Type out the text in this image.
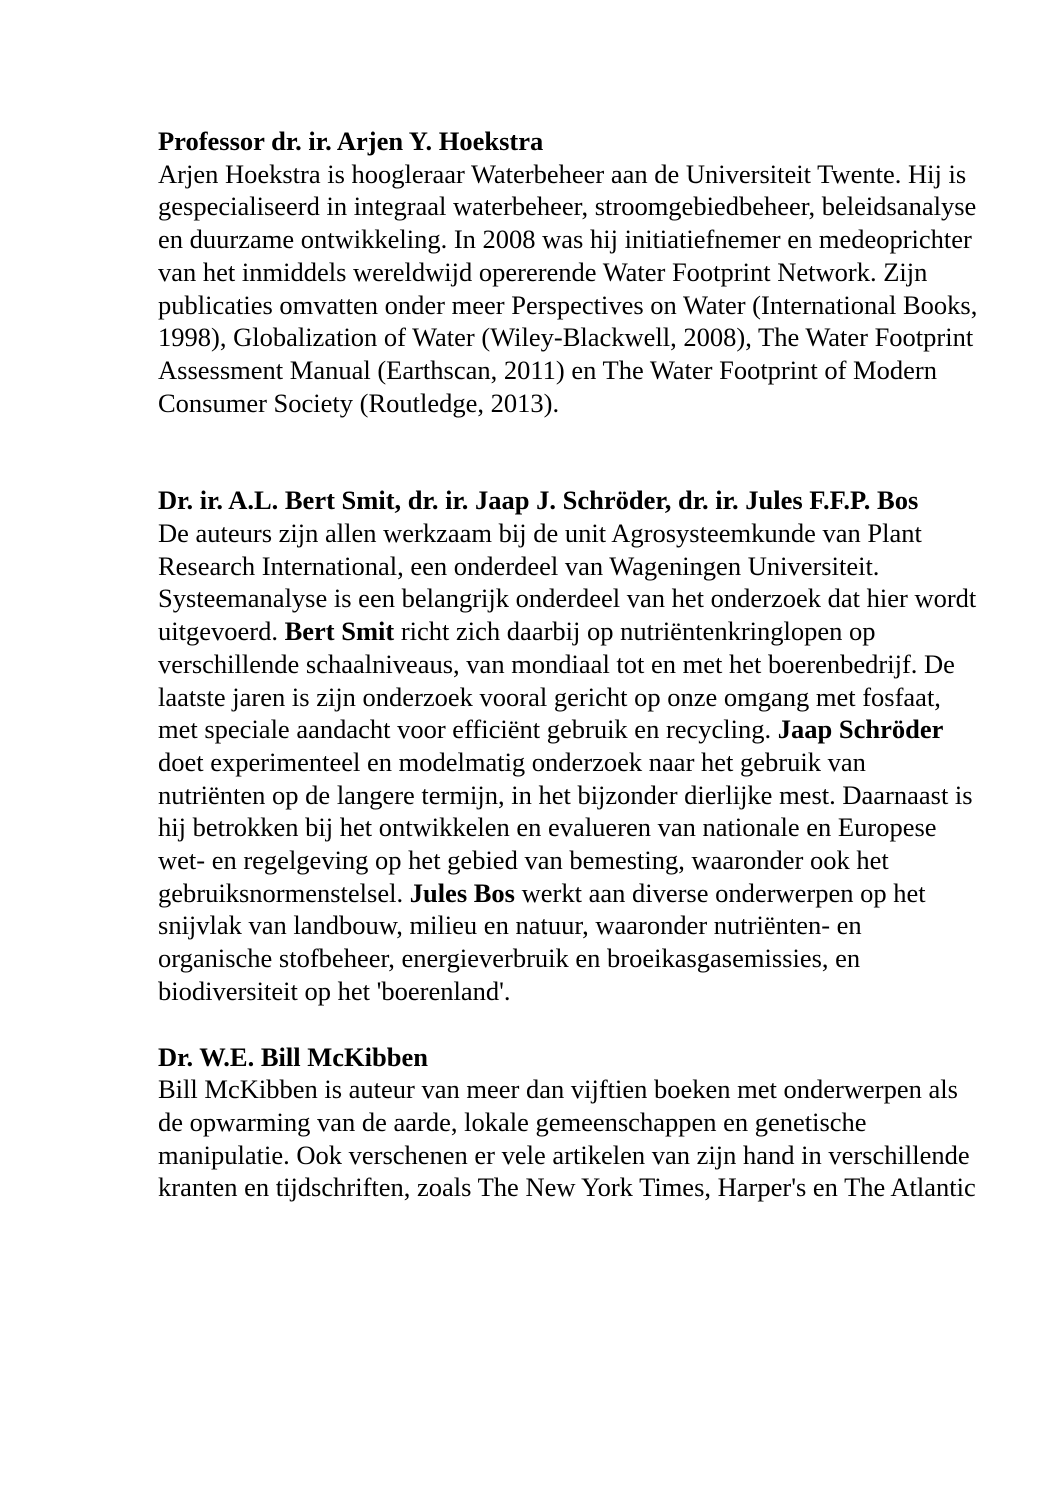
Professor dr. ir. Arjen Y. Hoekstra

Arjen Hoekstra is hoogleraar Waterbeheer aan de Universiteit Twente. Hij is gespecialiseerd in integraal waterbeheer, stroomgebiedbeheer, beleidsanalyse en duurzame ontwikkeling. In 2008 was hij initiatiefnemer en medeoprichter van het inmiddels wereldwijd opererende Water Footprint Network. Zijn publicaties omvatten onder meer Perspectives on Water (International Books, 1998), Globalization of Water (Wiley-Blackwell, 2008), The Water Footprint Assessment Manual (Earthscan, 2011) en The Water Footprint of Modern Consumer Society (Routledge, 2013).

Dr. ir. A.L. Bert Smit, dr. ir. Jaap J. Schröder, dr. ir. Jules F.F.P. Bos

De auteurs zijn allen werkzaam bij de unit Agrosysteemkunde van Plant Research International, een onderdeel van Wageningen Universiteit. Systeemanalyse is een belangrijk onderdeel van het onderzoek dat hier wordt uitgevoerd. Bert Smit richt zich daarbij op nutriëntenkringlopen op verschillende schaalniveaus, van mondiaal tot en met het boerenbedrijf. De laatste jaren is zijn onderzoek vooral gericht op onze omgang met fosfaat, met speciale aandacht voor efficiënt gebruik en recycling. Jaap Schröder doet experimenteel en modelmatig onderzoek naar het gebruik van nutriënten op de langere termijn, in het bijzonder dierlijke mest. Daarnaast is hij betrokken bij het ontwikkelen en evalueren van nationale en Europese wet- en regelgeving op het gebied van bemesting, waaronder ook het gebruiksnormenstelsel. Jules Bos werkt aan diverse onderwerpen op het snijvlak van landbouw, milieu en natuur, waaronder nutriënten- en organische stofbeheer, energieverbruik en broeikasgasemissies, en biodiversiteit op het 'boerenland'.

Dr. W.E. Bill McKibben

Bill McKibben is auteur van meer dan vijftien boeken met onderwerpen als de opwarming van de aarde, lokale gemeenschappen en genetische manipulatie. Ook verschenen er vele artikelen van zijn hand in verschillende kranten en tijdschriften, zoals The New York Times, Harper's en The Atlantic
